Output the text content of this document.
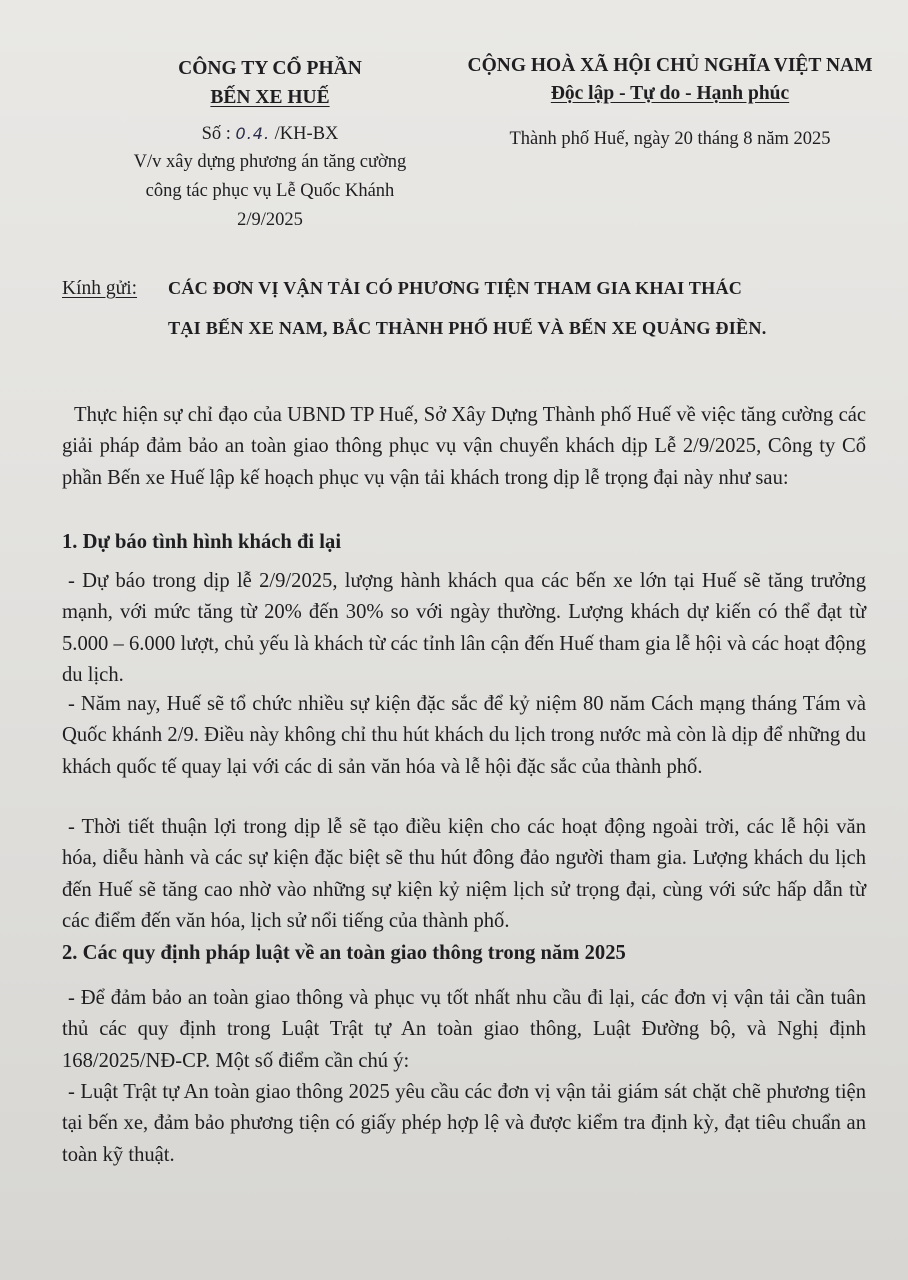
CÔNG TY CỔ PHẦN
BẾN XE HUẾ
Số : 0.4. /KH-BX
V/v xây dựng phương án tăng cường
công tác phục vụ Lễ Quốc Khánh
2/9/2025
CỘNG HOÀ XÃ HỘI CHỦ NGHĨA VIỆT NAM
Độc lập - Tự do - Hạnh phúc
Thành phố Huế, ngày 20 tháng 8 năm 2025
Kính gửi: CÁC ĐƠN VỊ VẬN TẢI CÓ PHƯƠNG TIỆN THAM GIA KHAI THÁC
TẠI BẾN XE NAM, BẮC THÀNH PHỐ HUẾ VÀ BẾN XE QUẢNG ĐIỀN.
Thực hiện sự chỉ đạo của UBND TP Huế, Sở Xây Dựng Thành phố Huế về việc tăng cường các giải pháp đảm bảo an toàn giao thông phục vụ vận chuyển khách dịp Lễ 2/9/2025, Công ty Cổ phần Bến xe Huế lập kế hoạch phục vụ vận tải khách trong dịp lễ trọng đại này như sau:
1. Dự báo tình hình khách đi lại
- Dự báo trong dịp lễ 2/9/2025, lượng hành khách qua các bến xe lớn tại Huế sẽ tăng trưởng mạnh, với mức tăng từ 20% đến 30% so với ngày thường. Lượng khách dự kiến có thể đạt từ 5.000 – 6.000 lượt, chủ yếu là khách từ các tỉnh lân cận đến Huế tham gia lễ hội và các hoạt động du lịch.
- Năm nay, Huế sẽ tổ chức nhiều sự kiện đặc sắc để kỷ niệm 80 năm Cách mạng tháng Tám và Quốc khánh 2/9. Điều này không chỉ thu hút khách du lịch trong nước mà còn là dịp để những du khách quốc tế quay lại với các di sản văn hóa và lễ hội đặc sắc của thành phố.
- Thời tiết thuận lợi trong dịp lễ sẽ tạo điều kiện cho các hoạt động ngoài trời, các lễ hội văn hóa, diễu hành và các sự kiện đặc biệt sẽ thu hút đông đảo người tham gia. Lượng khách du lịch đến Huế sẽ tăng cao nhờ vào những sự kiện kỷ niệm lịch sử trọng đại, cùng với sức hấp dẫn từ các điểm đến văn hóa, lịch sử nổi tiếng của thành phố.
2. Các quy định pháp luật về an toàn giao thông trong năm 2025
- Để đảm bảo an toàn giao thông và phục vụ tốt nhất nhu cầu đi lại, các đơn vị vận tải cần tuân thủ các quy định trong Luật Trật tự An toàn giao thông, Luật Đường bộ, và Nghị định 168/2025/NĐ-CP. Một số điểm cần chú ý:
- Luật Trật tự An toàn giao thông 2025 yêu cầu các đơn vị vận tải giám sát chặt chẽ phương tiện tại bến xe, đảm bảo phương tiện có giấy phép hợp lệ và được kiểm tra định kỳ, đạt tiêu chuẩn an toàn kỹ thuật.
